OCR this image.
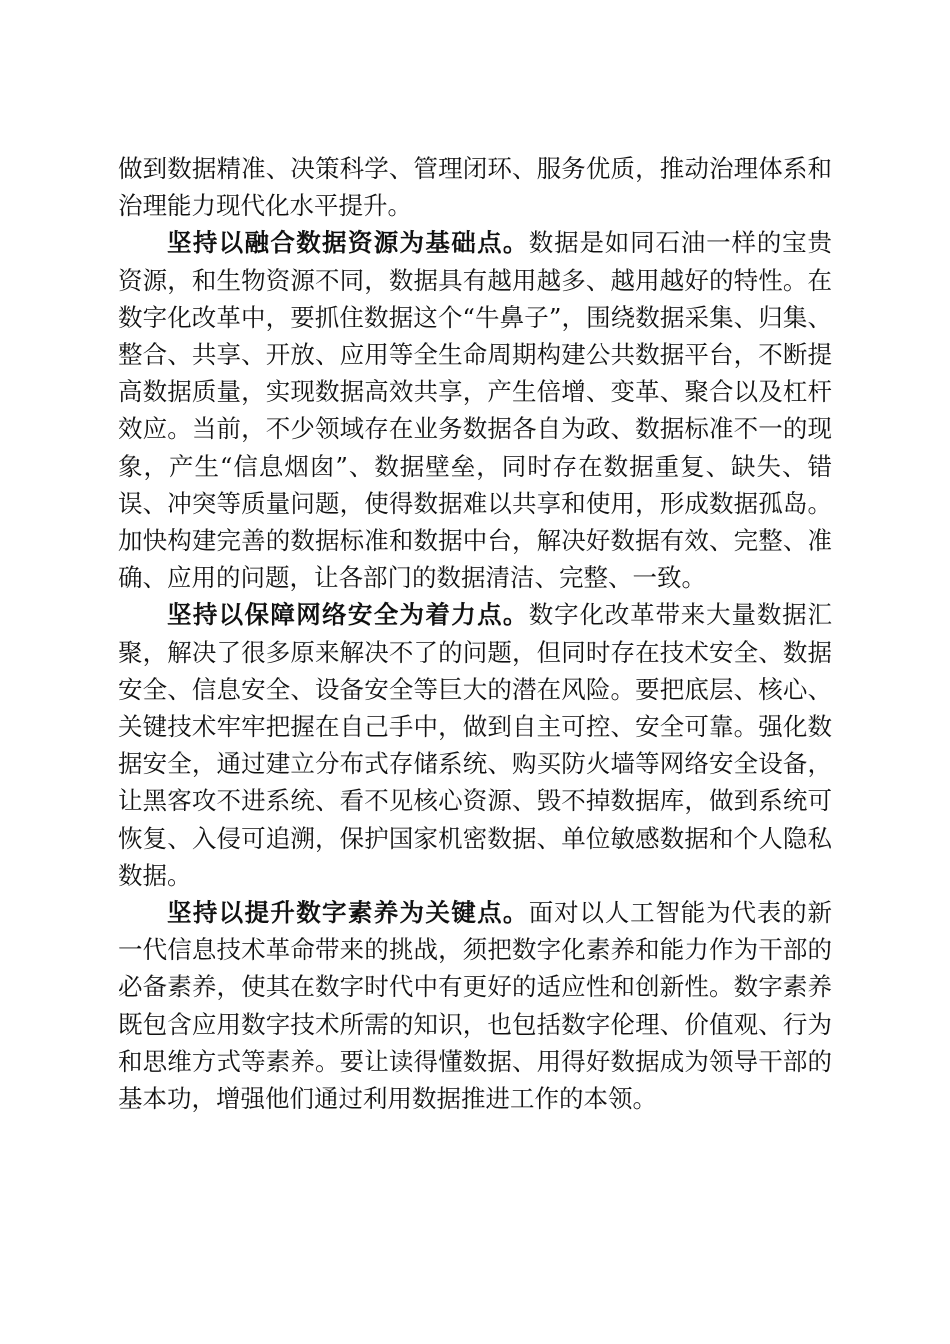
做到数据精准、决策科学、管理闭环、服务优质，推动治理体系和治理能力现代化水平提升。

坚持以融合数据资源为基础点。数据是如同石油一样的宝贵资源，和生物资源不同，数据具有越用越多、越用越好的特性。在数字化改革中，要抓住数据这个“牛鼻子”，围绕数据采集、归集、整合、共享、开放、应用等全生命周期构建公共数据平台，不断提高数据质量，实现数据高效共享，产生倍增、变革、聚合以及杠杆效应。当前，不少领域存在业务数据各自为政、数据标准不一的现象，产生“信息烟囱”、数据壁垒，同时存在数据重复、缺失、错误、冲突等质量问题，使得数据难以共享和使用，形成数据孤岛。加快构建完善的数据标准和数据中台，解决好数据有效、完整、准确、应用的问题，让各部门的数据清洁、完整、一致。

坚持以保障网络安全为着力点。数字化改革带来大量数据汇聚，解决了很多原来解决不了的问题，但同时存在技术安全、数据安全、信息安全、设备安全等巨大的潜在风险。要把底层、核心、关键技术牢牢把握在自己手中，做到自主可控、安全可靠。强化数据安全，通过建立分布式存储系统、购买防火墙等网络安全设备，让黑客攻不进系统、看不见核心资源、毁不掉数据库，做到系统可恢复、入侵可追溯，保护国家机密数据、单位敏感数据和个人隐私数据。

坚持以提升数字素养为关键点。面对以人工智能为代表的新一代信息技术革命带来的挑战，须把数字化素养和能力作为干部的必备素养，使其在数字时代中有更好的适应性和创新性。数字素养既包含应用数字技术所需的知识，也包括数字伦理、价值观、行为和思维方式等素养。要让读得懂数据、用得好数据成为领导干部的基本功，增强他们通过利用数据推进工作的本领。
